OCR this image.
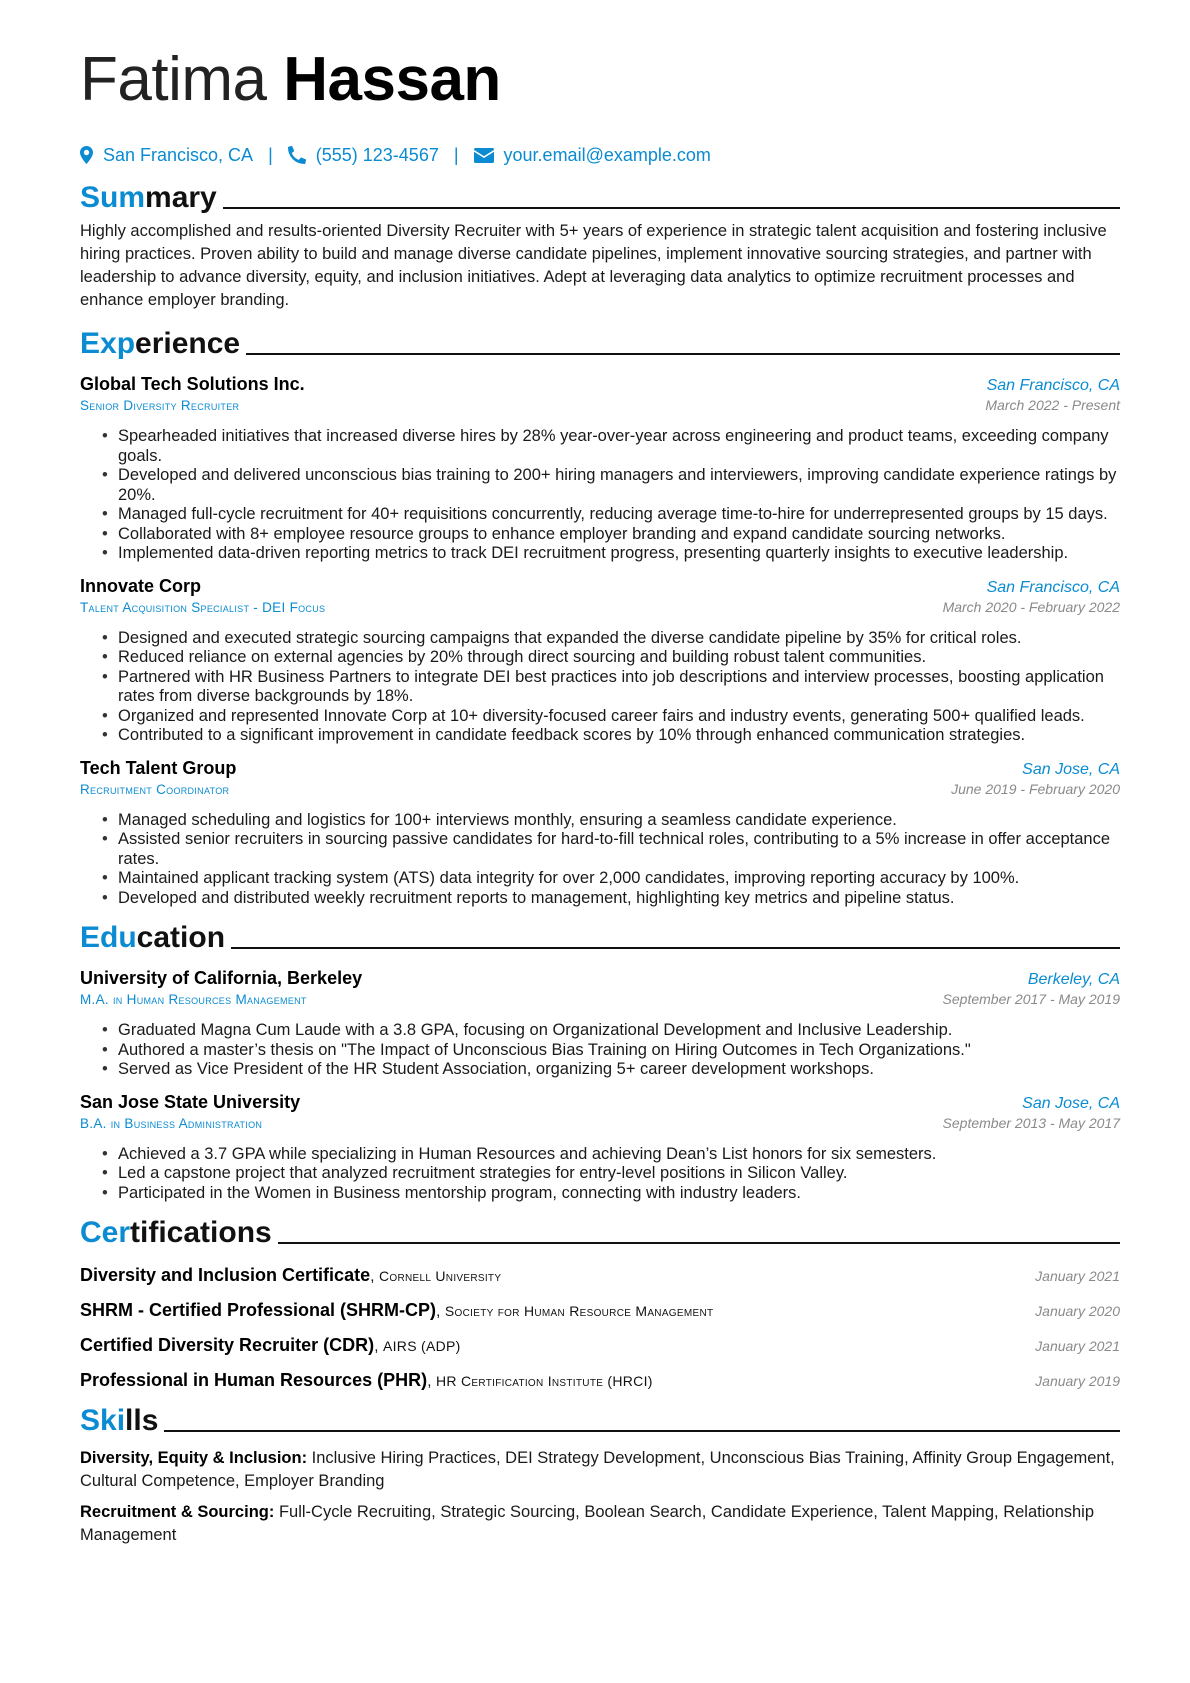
Fatima Hassan
San Francisco, CA | (555) 123-4567 |	your.email@example.com
Summary
Highly accomplished and results-oriented Diversity Recruiter with 5+ years of experience in strategic talent acquisition and fostering inclusive hiring practices. Proven ability to build and manage diverse candidate pipelines, implement innovative sourcing strategies, and partner with leadership to advance diversity, equity, and inclusion initiatives. Adept at leveraging data analytics to optimize recruitment processes and enhance employer branding.
Experience
Global Tech Solutions Inc.	San Francisco, CA
Senior Diversity Recruiter	March 2022 - Present
• Spearheaded initiatives that increased diverse hires by 28% year-over-year across engineering and product teams, exceeding company goals.
• Developed and delivered unconscious bias training to 200+ hiring managers and interviewers, improving candidate experience ratings by 20%.
• Managed full-cycle recruitment for 40+ requisitions concurrently, reducing average time-to-hire for underrepresented groups by 15 days.
• Collaborated with 8+ employee resource groups to enhance employer branding and expand candidate sourcing networks.
• Implemented data-driven reporting metrics to track DEI recruitment progress, presenting quarterly insights to executive leadership.
Innovate Corp	San Francisco, CA
Talent Acquisition Specialist - DEI Focus	March 2020 - February 2022
• Designed and executed strategic sourcing campaigns that expanded the diverse candidate pipeline by 35% for critical roles.
• Reduced reliance on external agencies by 20% through direct sourcing and building robust talent communities.
• Partnered with HR Business Partners to integrate DEI best practices into job descriptions and interview processes, boosting application rates from diverse backgrounds by 18%.
• Organized and represented Innovate Corp at 10+ diversity-focused career fairs and industry events, generating 500+ qualified leads.
• Contributed to a significant improvement in candidate feedback scores by 10% through enhanced communication strategies.
Tech Talent Group	San Jose, CA
Recruitment Coordinator	June 2019 - February 2020
• Managed scheduling and logistics for 100+ interviews monthly, ensuring a seamless candidate experience.
• Assisted senior recruiters in sourcing passive candidates for hard-to-fill technical roles, contributing to a 5% increase in offer acceptance rates.
• Maintained applicant tracking system (ATS) data integrity for over 2,000 candidates, improving reporting accuracy by 100%.
• Developed and distributed weekly recruitment reports to management, highlighting key metrics and pipeline status.
Education
University of California, Berkeley	Berkeley, CA
M.A. in Human Resources Management	September 2017 - May 2019
• Graduated Magna Cum Laude with a 3.8 GPA, focusing on Organizational Development and Inclusive Leadership.
• Authored a master’s thesis on "The Impact of Unconscious Bias Training on Hiring Outcomes in Tech Organizations."
• Served as Vice President of the HR Student Association, organizing 5+ career development workshops.
San Jose State University	San Jose, CA
B.A. in Business Administration	September 2013 - May 2017
• Achieved a 3.7 GPA while specializing in Human Resources and achieving Dean’s List honors for six semesters.
• Led a capstone project that analyzed recruitment strategies for entry-level positions in Silicon Valley.
• Participated in the Women in Business mentorship program, connecting with industry leaders.
Certifications
Diversity and Inclusion Certificate, Cornell University	January 2021
SHRM - Certified Professional (SHRM-CP), Society for Human Resource Management	January 2020
Certified Diversity Recruiter (CDR), AIRS (ADP)	January 2021
Professional in Human Resources (PHR), HR Certification Institute (HRCI)	January 2019
Skills
Diversity, Equity & Inclusion: Inclusive Hiring Practices, DEI Strategy Development, Unconscious Bias Training, Affinity Group Engagement, Cultural Competence, Employer Branding
Recruitment & Sourcing: Full-Cycle Recruiting, Strategic Sourcing, Boolean Search, Candidate Experience, Talent Mapping, Relationship Management
